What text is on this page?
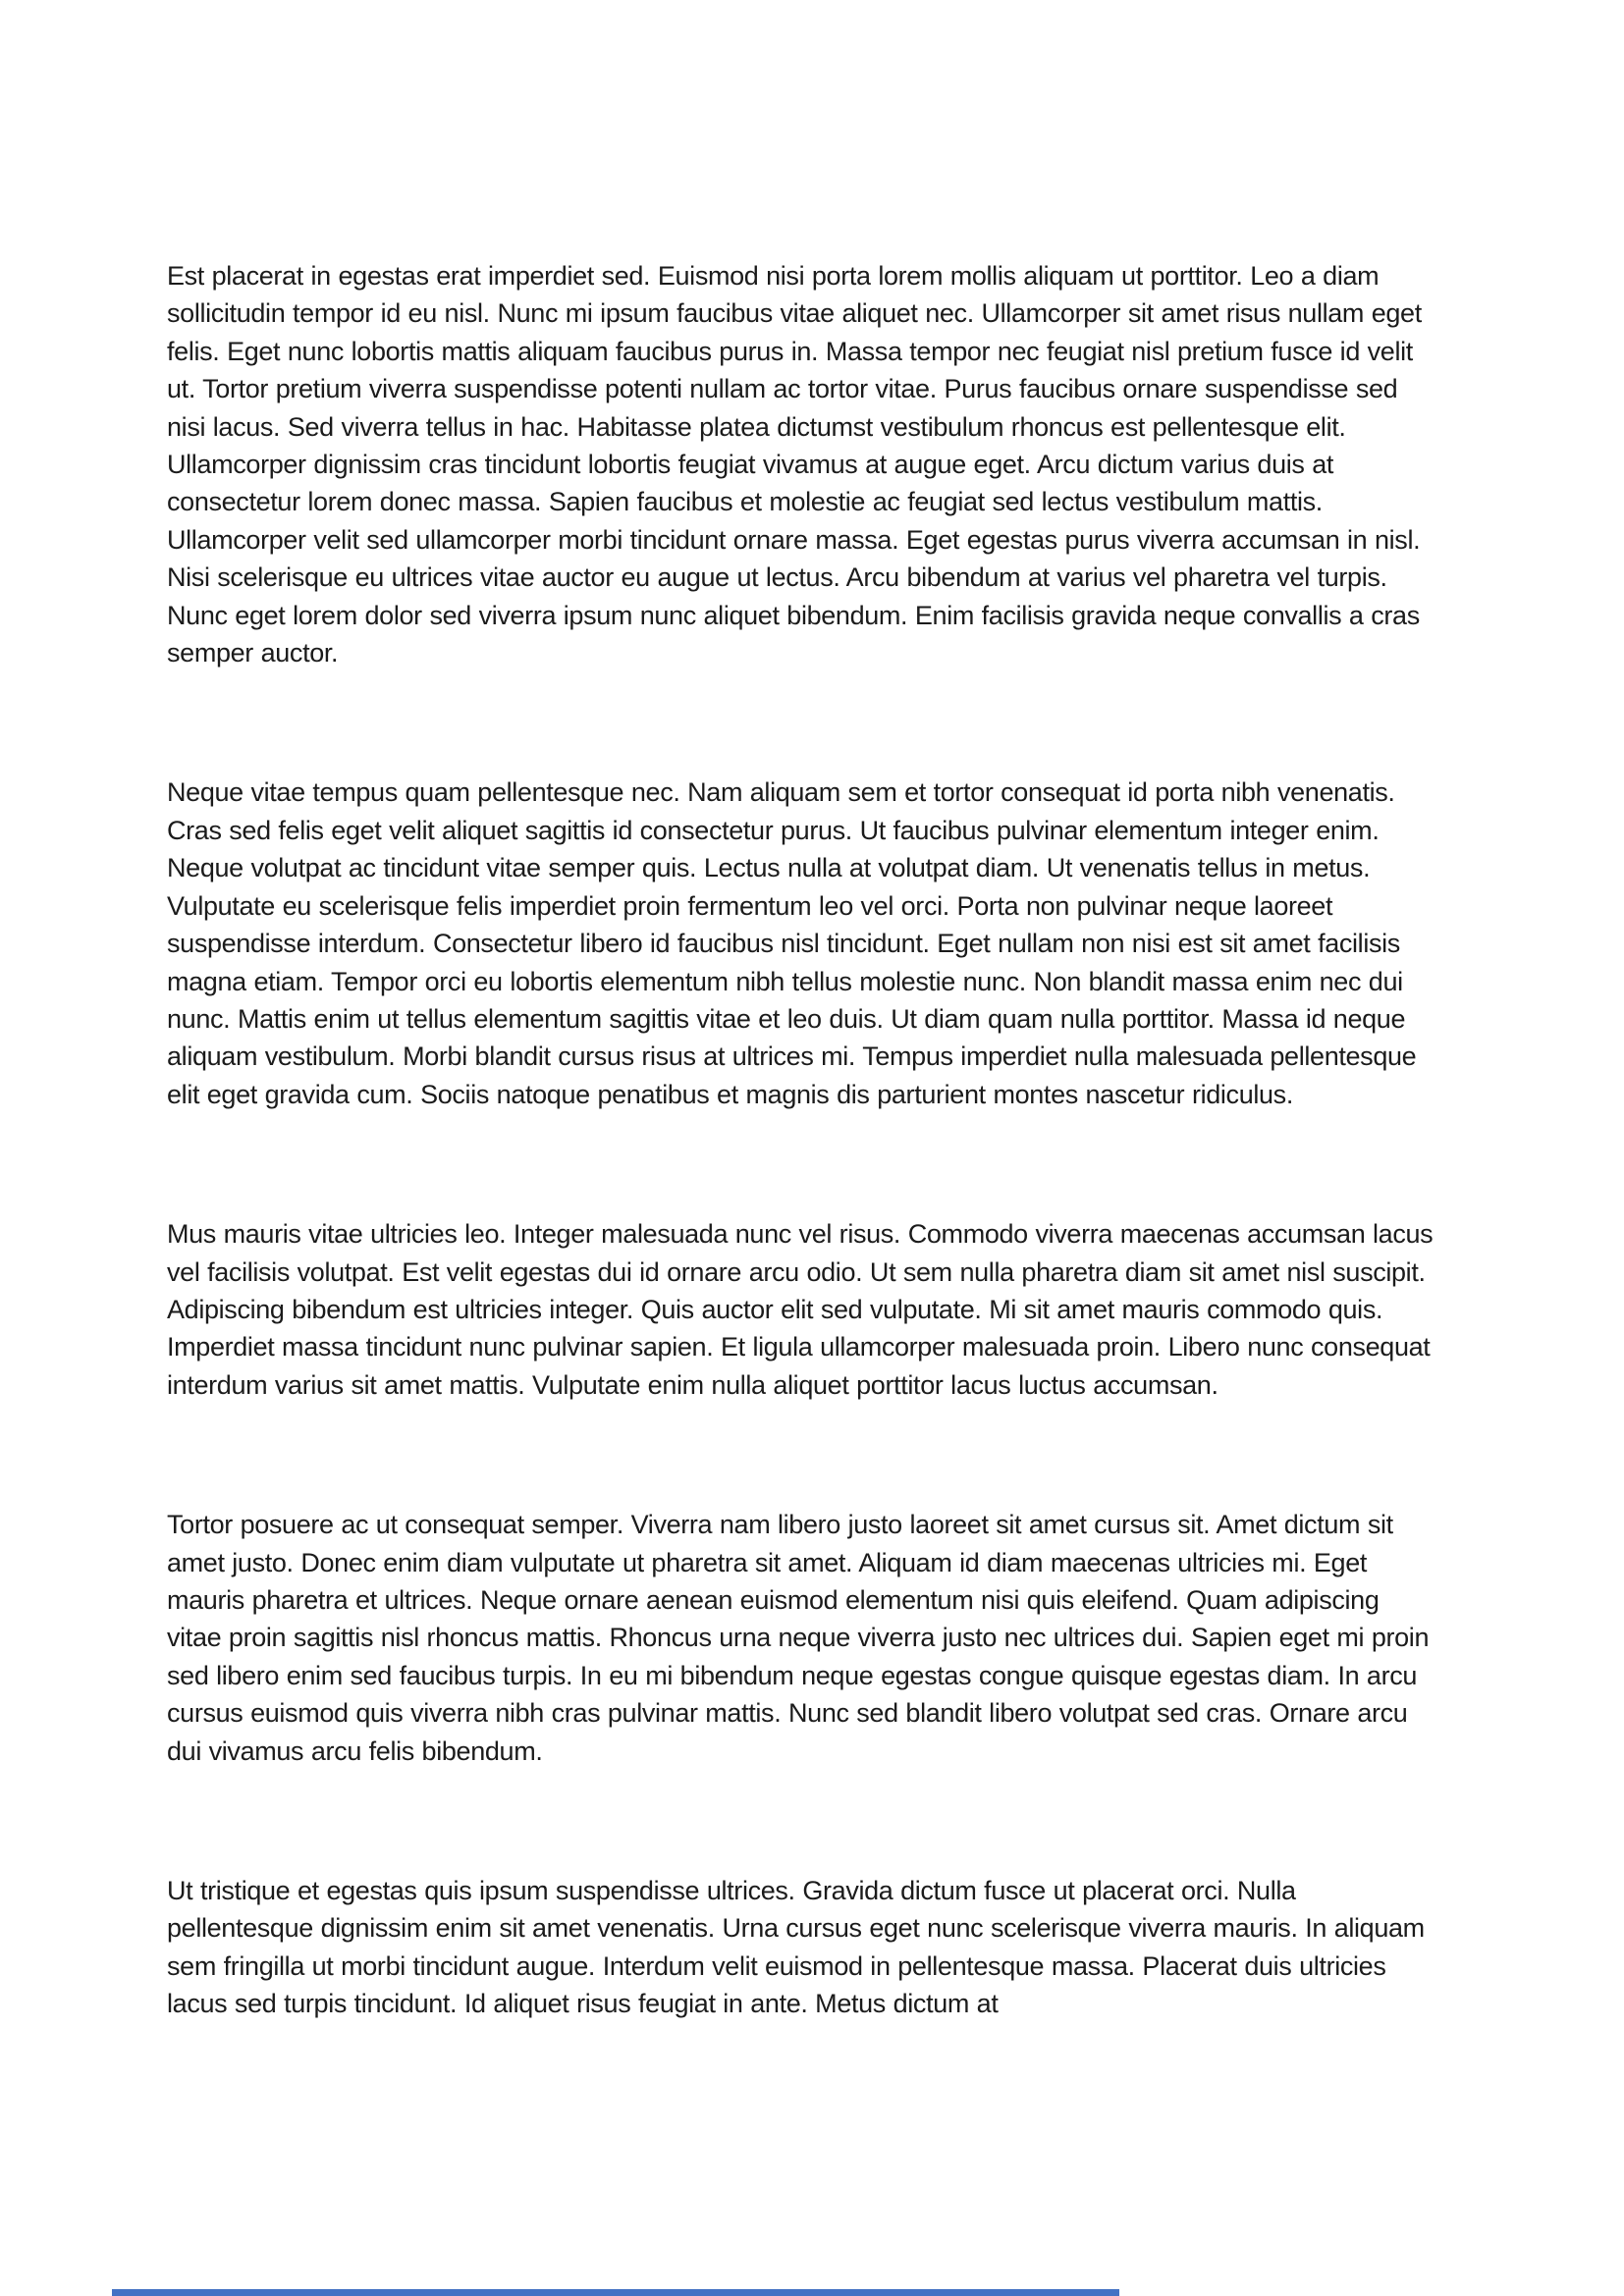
Est placerat in egestas erat imperdiet sed. Euismod nisi porta lorem mollis aliquam ut porttitor. Leo a diam sollicitudin tempor id eu nisl. Nunc mi ipsum faucibus vitae aliquet nec. Ullamcorper sit amet risus nullam eget felis. Eget nunc lobortis mattis aliquam faucibus purus in. Massa tempor nec feugiat nisl pretium fusce id velit ut. Tortor pretium viverra suspendisse potenti nullam ac tortor vitae. Purus faucibus ornare suspendisse sed nisi lacus. Sed viverra tellus in hac. Habitasse platea dictumst vestibulum rhoncus est pellentesque elit. Ullamcorper dignissim cras tincidunt lobortis feugiat vivamus at augue eget. Arcu dictum varius duis at consectetur lorem donec massa. Sapien faucibus et molestie ac feugiat sed lectus vestibulum mattis. Ullamcorper velit sed ullamcorper morbi tincidunt ornare massa. Eget egestas purus viverra accumsan in nisl. Nisi scelerisque eu ultrices vitae auctor eu augue ut lectus. Arcu bibendum at varius vel pharetra vel turpis. Nunc eget lorem dolor sed viverra ipsum nunc aliquet bibendum. Enim facilisis gravida neque convallis a cras semper auctor.

Neque vitae tempus quam pellentesque nec. Nam aliquam sem et tortor consequat id porta nibh venenatis. Cras sed felis eget velit aliquet sagittis id consectetur purus. Ut faucibus pulvinar elementum integer enim. Neque volutpat ac tincidunt vitae semper quis. Lectus nulla at volutpat diam. Ut venenatis tellus in metus. Vulputate eu scelerisque felis imperdiet proin fermentum leo vel orci. Porta non pulvinar neque laoreet suspendisse interdum. Consectetur libero id faucibus nisl tincidunt. Eget nullam non nisi est sit amet facilisis magna etiam. Tempor orci eu lobortis elementum nibh tellus molestie nunc. Non blandit massa enim nec dui nunc. Mattis enim ut tellus elementum sagittis vitae et leo duis. Ut diam quam nulla porttitor. Massa id neque aliquam vestibulum. Morbi blandit cursus risus at ultrices mi. Tempus imperdiet nulla malesuada pellentesque elit eget gravida cum. Sociis natoque penatibus et magnis dis parturient montes nascetur ridiculus.

Mus mauris vitae ultricies leo. Integer malesuada nunc vel risus. Commodo viverra maecenas accumsan lacus vel facilisis volutpat. Est velit egestas dui id ornare arcu odio. Ut sem nulla pharetra diam sit amet nisl suscipit. Adipiscing bibendum est ultricies integer. Quis auctor elit sed vulputate. Mi sit amet mauris commodo quis. Imperdiet massa tincidunt nunc pulvinar sapien. Et ligula ullamcorper malesuada proin. Libero nunc consequat interdum varius sit amet mattis. Vulputate enim nulla aliquet porttitor lacus luctus accumsan.

Tortor posuere ac ut consequat semper. Viverra nam libero justo laoreet sit amet cursus sit. Amet dictum sit amet justo. Donec enim diam vulputate ut pharetra sit amet. Aliquam id diam maecenas ultricies mi. Eget mauris pharetra et ultrices. Neque ornare aenean euismod elementum nisi quis eleifend. Quam adipiscing vitae proin sagittis nisl rhoncus mattis. Rhoncus urna neque viverra justo nec ultrices dui. Sapien eget mi proin sed libero enim sed faucibus turpis. In eu mi bibendum neque egestas congue quisque egestas diam. In arcu cursus euismod quis viverra nibh cras pulvinar mattis. Nunc sed blandit libero volutpat sed cras. Ornare arcu dui vivamus arcu felis bibendum.

Ut tristique et egestas quis ipsum suspendisse ultrices. Gravida dictum fusce ut placerat orci. Nulla pellentesque dignissim enim sit amet venenatis. Urna cursus eget nunc scelerisque viverra mauris. In aliquam sem fringilla ut morbi tincidunt augue. Interdum velit euismod in pellentesque massa. Placerat duis ultricies lacus sed turpis tincidunt. Id aliquet risus feugiat in ante. Metus dictum at
